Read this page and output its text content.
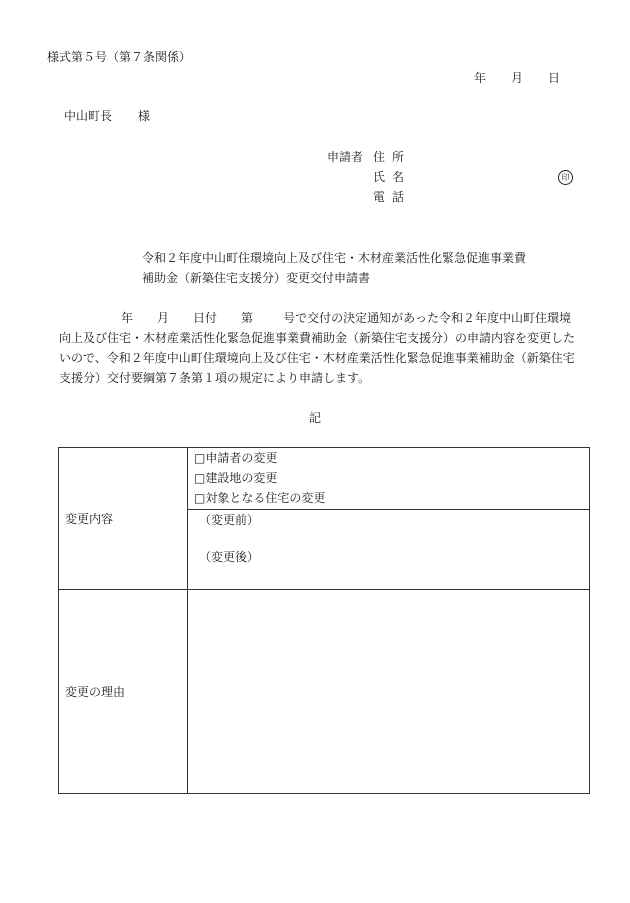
様式第５号（第７条関係）
年 月 日
中山町長 様
申請者 住所
氏名
電話
印
令和２年度中山町住環境向上及び住宅・木材産業活性化緊急促進事業費
補助金（新築住宅支援分）変更交付申請書
年 月 日付 第	号で交付の決定通知があった令和２年度中山町住環境向上及び住宅・木材産業活性化緊急促進事業費補助金（新築住宅支援分）の申請内容を変更したいので、令和２年度中山町住環境向上及び住宅・木材産業活性化緊急促進事業補助金（新築住宅支援分）交付要綱第７条第１項の規定により申請します。
記
変更内容
□申請者の変更
□建設地の変更
□対象となる住宅の変更
（変更前）
（変更後）
変更の理由
